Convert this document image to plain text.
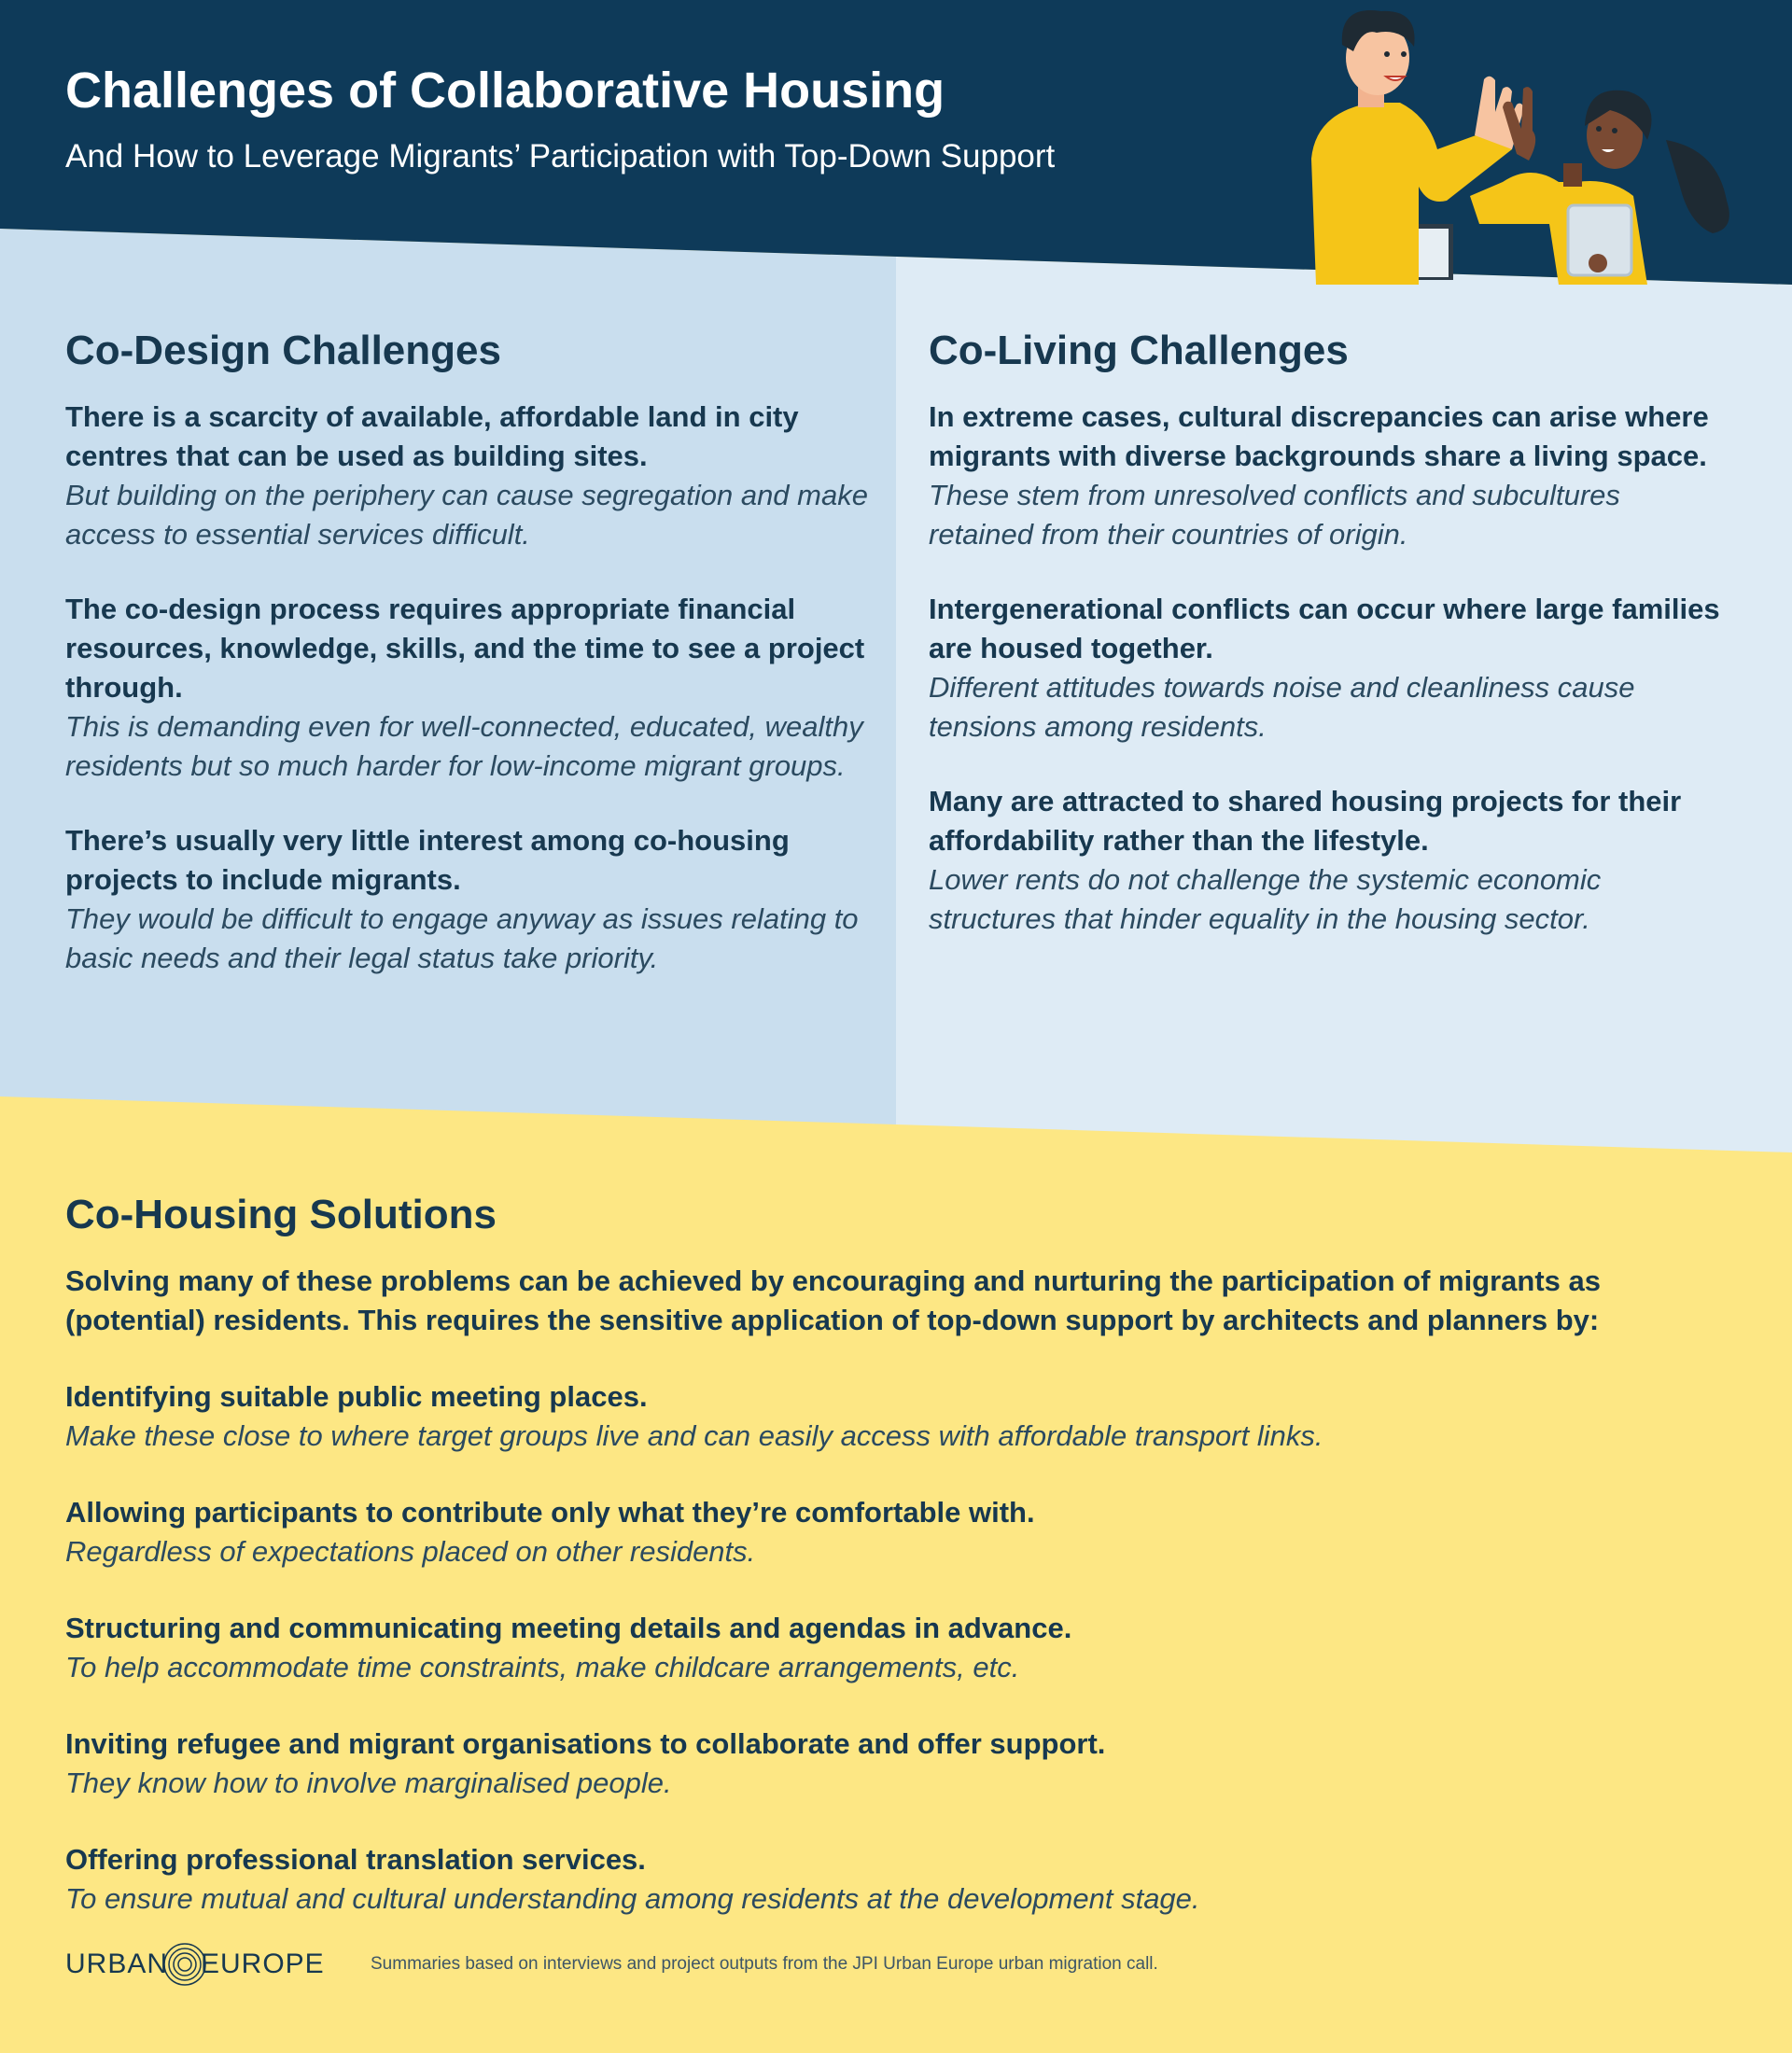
Challenges of Collaborative Housing

And How to Leverage Migrants’ Participation with Top-Down Support

Co-Design Challenges
There is a scarcity of available, affordable land in city centres that can be used as building sites.
But building on the periphery can cause segregation and make access to essential services difficult.
The co-design process requires appropriate financial resources, knowledge, skills, and the time to see a project through.
This is demanding even for well-connected, educated, wealthy residents but so much harder for low-income migrant groups.
There’s usually very little interest among co-housing projects to include migrants.
They would be difficult to engage anyway as issues relating to basic needs and their legal status take priority.
Co-Living Challenges
In extreme cases, cultural discrepancies can arise where migrants with diverse backgrounds share a living space.
These stem from unresolved conflicts and subcultures retained from their countries of origin.
Intergenerational conflicts can occur where large families are housed together.
Different attitudes towards noise and cleanliness cause tensions among residents.
Many are attracted to shared housing projects for their affordability rather than the lifestyle.
Lower rents do not challenge the systemic economic structures that hinder equality in the housing sector.
Co-Housing Solutions
Solving many of these problems can be achieved by encouraging and nurturing the participation of migrants as (potential) residents. This requires the sensitive application of top-down support by architects and planners by:
Identifying suitable public meeting places.
Make these close to where target groups live and can easily access with affordable transport links.
Allowing participants to contribute only what they’re comfortable with.
Regardless of expectations placed on other residents.
Structuring and communicating meeting details and agendas in advance.
To help accommodate time constraints, make childcare arrangements, etc.
Inviting refugee and migrant organisations to collaborate and offer support.
They know how to involve marginalised people.
Offering professional translation services.
To ensure mutual and cultural understanding among residents at the development stage.
URBAN EUROPE	Summaries based on interviews and project outputs from the JPI Urban Europe urban migration call.
